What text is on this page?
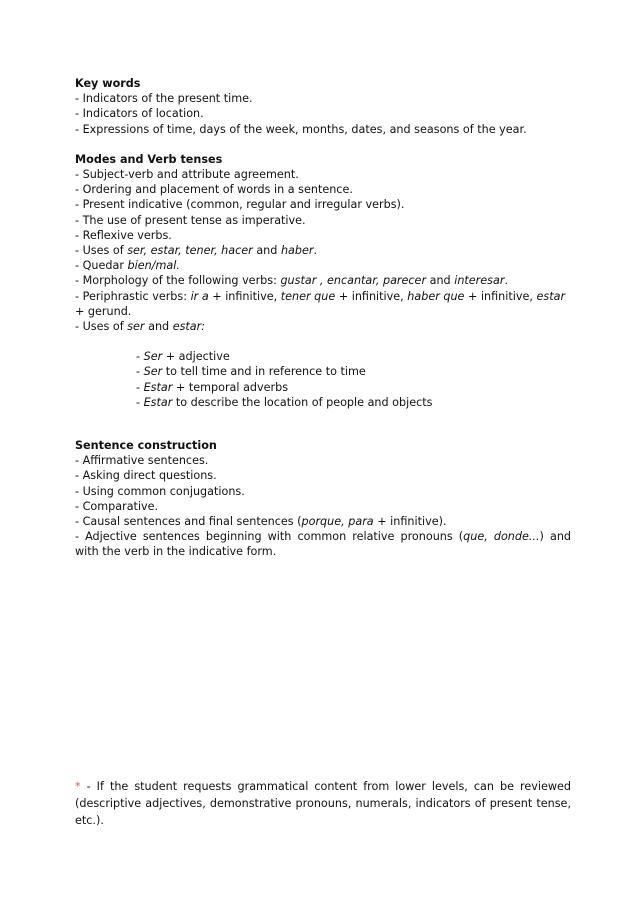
Key words

- Indicators of the present time.

- Indicators of location.

- Expressions of time, days of the week, months, dates, and seasons of the year.

Modes and Verb tenses

- Subject-verb and attribute agreement.

- Ordering and placement of words in a sentence.

- Present indicative (common, regular and irregular verbs).

- The use of present tense as imperative.

- Reflexive verbs.

- Uses of ser, estar, tener, hacer and haber.

- Quedar bien/mal.

- Morphology of the following verbs: gustar , encantar, parecer and interesar.

- Periphrastic verbs: ir a + infinitive, tener que + infinitive, haber que + infinitive, estar + gerund.

- Uses of ser and estar:

- Ser + adjective

- Ser to tell time and in reference to time

- Estar + temporal adverbs

- Estar to describe the location of people and objects

Sentence construction

- Affirmative sentences.

- Asking direct questions.

- Using common conjugations.

- Comparative.

- Causal sentences and final sentences (porque, para + infinitive).

- Adjective sentences beginning with common relative pronouns (que, donde...) and with the verb in the indicative form.

* - If the student requests grammatical content from lower levels, can be reviewed (descriptive adjectives, demonstrative pronouns, numerals, indicators of present tense, etc.).
